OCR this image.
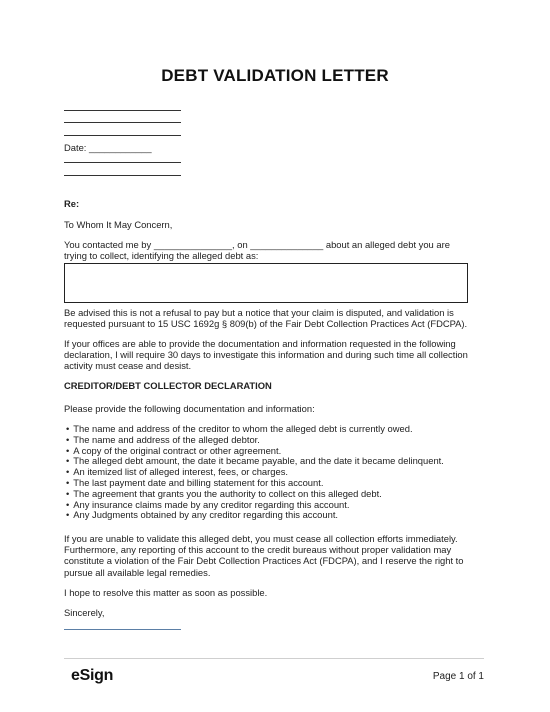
DEBT VALIDATION LETTER
Date: ____________
Re:
To Whom It May Concern,
You contacted me by _______________, on ______________ about an alleged debt you are
trying to collect, identifying the alleged debt as:
Be advised this is not a refusal to pay but a notice that your claim is disputed, and validation is
requested pursuant to 15 USC 1692g § 809(b) of the Fair Debt Collection Practices Act (FDCPA).
If your offices are able to provide the documentation and information requested in the following
declaration, I will require 30 days to investigate this information and during such time all collection
activity must cease and desist.
CREDITOR/DEBT COLLECTOR DECLARATION
Please provide the following documentation and information:
• The name and address of the creditor to whom the alleged debt is currently owed.
• The name and address of the alleged debtor.
• A copy of the original contract or other agreement.
• The alleged debt amount, the date it became payable, and the date it became delinquent.
• An itemized list of alleged interest, fees, or charges.
• The last payment date and billing statement for this account.
• The agreement that grants you the authority to collect on this alleged debt.
• Any insurance claims made by any creditor regarding this account.
• Any Judgments obtained by any creditor regarding this account.
If you are unable to validate this alleged debt, you must cease all collection efforts immediately.
Furthermore, any reporting of this account to the credit bureaus without proper validation may
constitute a violation of the Fair Debt Collection Practices Act (FDCPA), and I reserve the right to
pursue all available legal remedies.
I hope to resolve this matter as soon as possible.
Sincerely,
eSign	Page 1 of 1
